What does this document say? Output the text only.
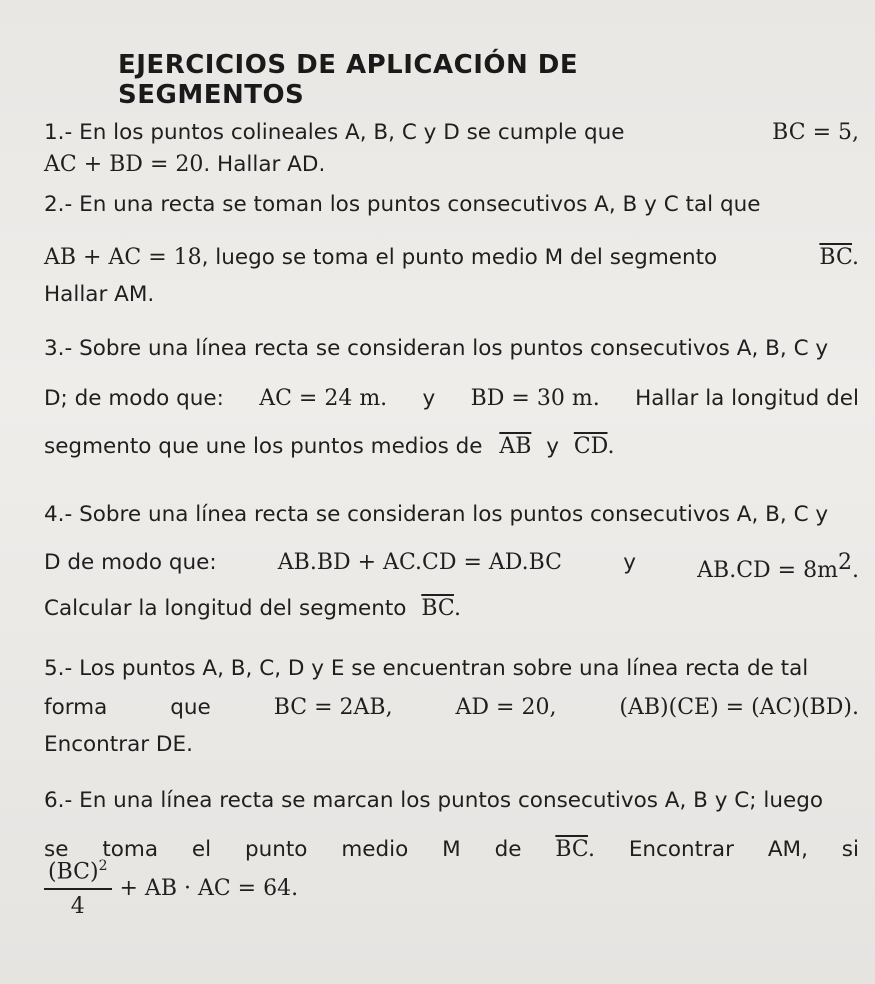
EJERCICIOS DE APLICACIÓN DE SEGMENTOS
1.- En los puntos colineales A, B, C y D se cumple que	BC = 5,
AC + BD = 20. Hallar AD.
2.- En una recta se toman los puntos consecutivos A, B y C tal que
AB + AC = 18, luego se toma el punto medio M del segmento	$\overline{BC}$.
Hallar AM.
3.- Sobre una línea recta se consideran los puntos consecutivos A, B, C y
D; de modo que: AC = 24 m. y BD = 30 m. Hallar la longitud del
segmento que une los puntos medios de $\overline{AB}$ y $\overline{CD}$.
4.- Sobre una línea recta se consideran los puntos consecutivos A, B, C y
D de modo que:	AB.BD + AC.CD = AD.BC	y	$AB.CD = 8m^2$.
Calcular la longitud del segmento $\overline{BC}$.
5.- Los puntos A, B, C, D y E se encuentran sobre una línea recta de tal
forma	que	BC = 2AB,	AD = 20,	(AB)(CE) = (AC)(BD).
Encontrar DE.
6.- En una línea recta se marcan los puntos consecutivos A, B y C; luego
se toma el punto medio M de $\overline{BC}$. Encontrar AM, si
$\frac{(BC)^2}{4}$ + AB · AC = 64.
